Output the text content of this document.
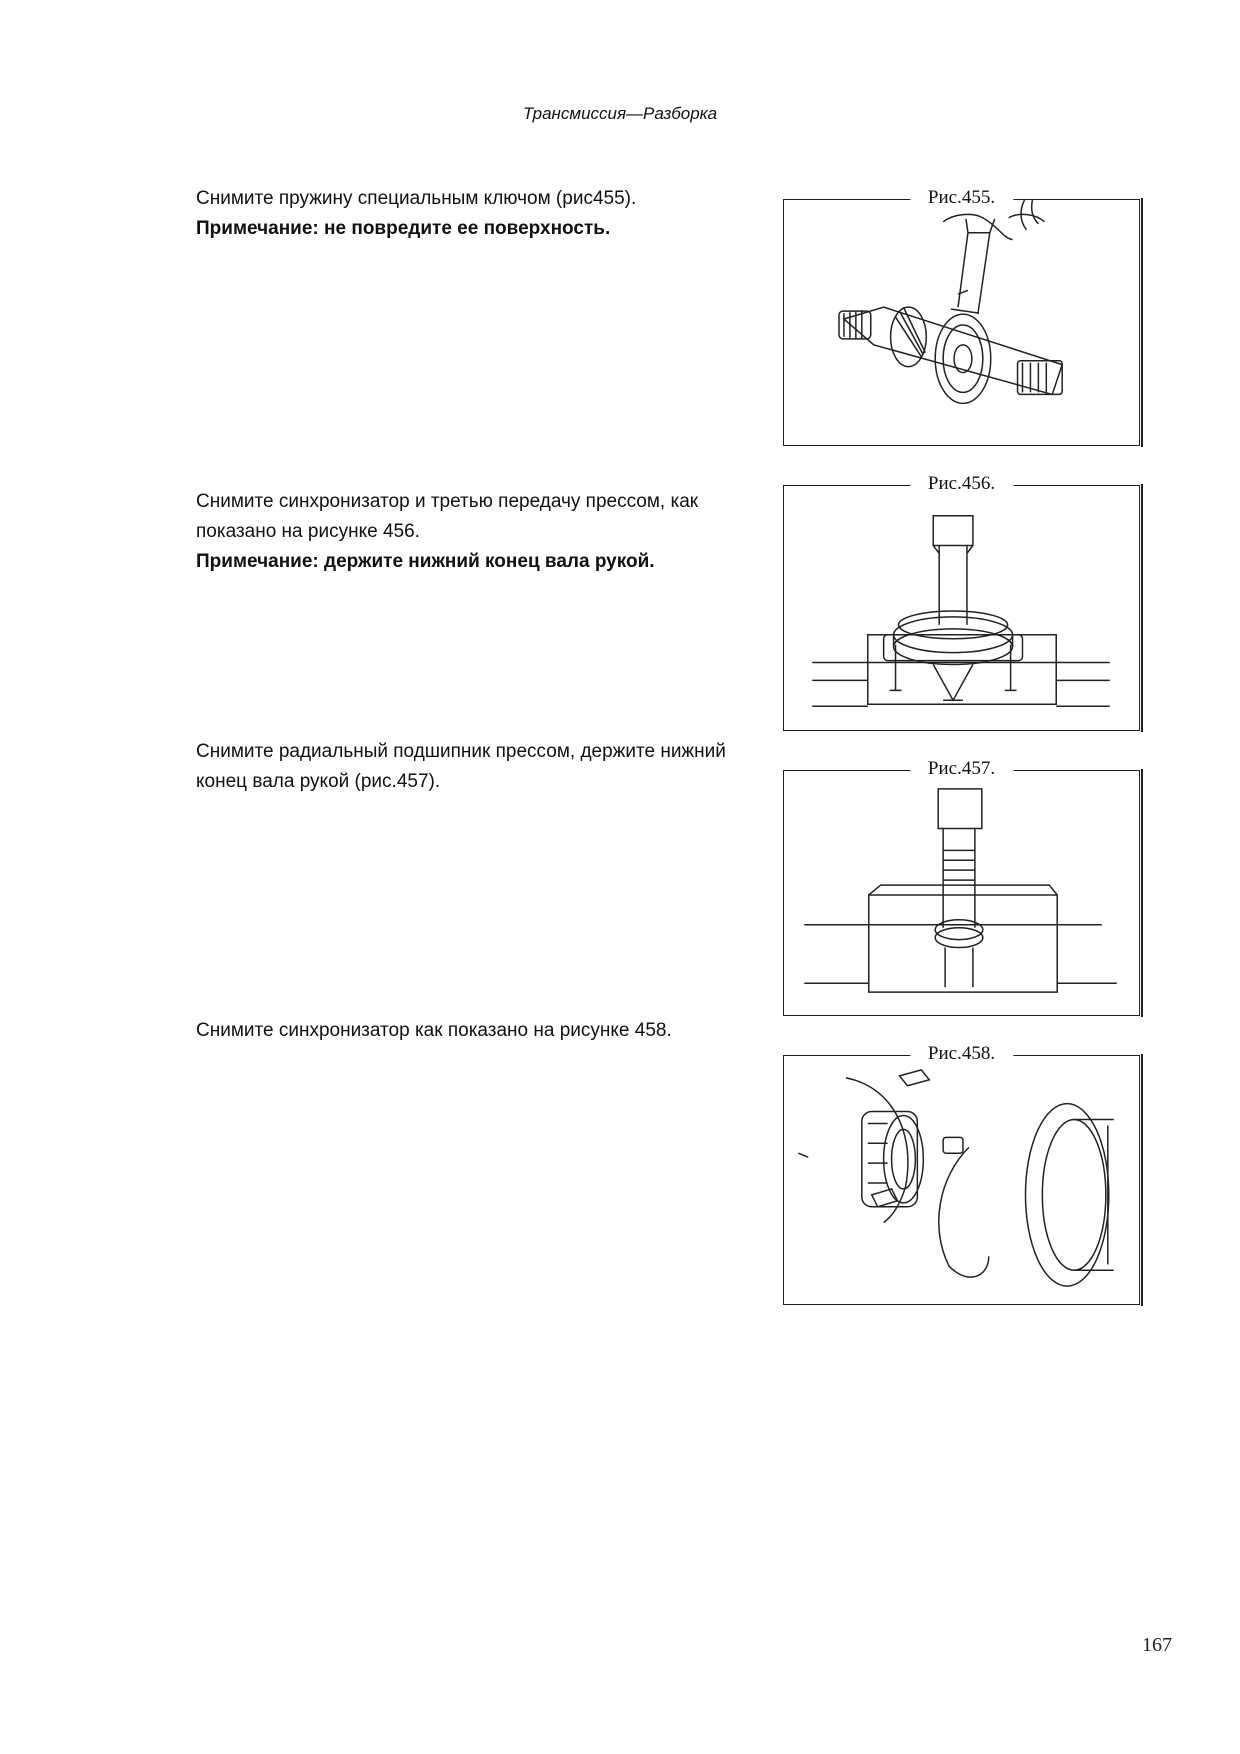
Трансмиссия—Разборка
Снимите пружину специальным ключом (рис455).
Примечание: не повредите ее поверхность.
Снимите синхронизатор и третью передачу прессом, как показано на рисунке 456.
Примечание: держите нижний конец вала рукой.
Снимите радиальный подшипник прессом, держите нижний конец вала рукой (рис.457).
Снимите синхронизатор как показано на рисунке 458.
Рис.455.
Рис.456.
Рис.457.
Рис.458.
167
